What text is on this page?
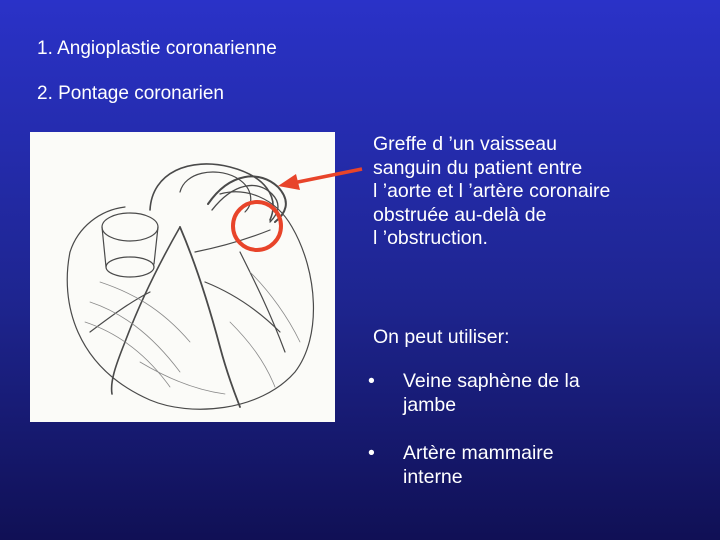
1. Angioplastie coronarienne
2. Pontage coronarien

Greffe d ’un vaisseau
sanguin du patient entre
l ’aorte et l ’artère coronaire
obstruée au-delà de
l ’obstruction.

On peut utiliser:
• Veine saphène de la
jambe
• Artère mammaire
interne
